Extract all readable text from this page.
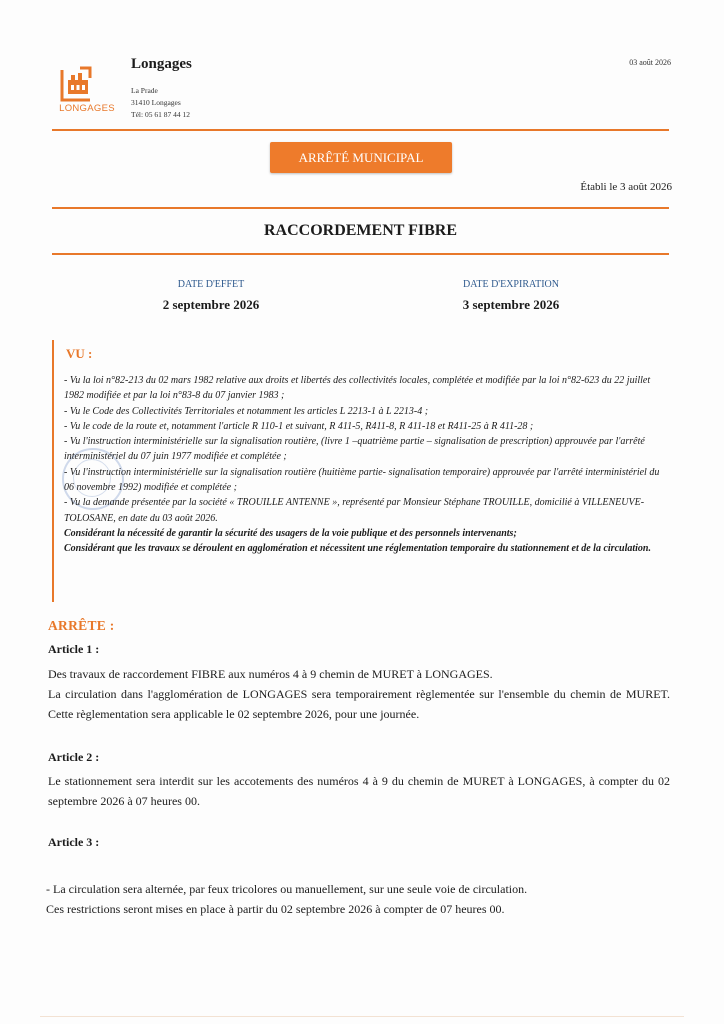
LONGAGES
Longages
La Prade
31410 Longages
Tél: 05 61 87 44 12
03 août 2026
ARRÊTÉ MUNICIPAL
Établi le 3 août 2026
RACCORDEMENT FIBRE
DATE D'EFFET
2 septembre 2026
DATE D'EXPIRATION
3 septembre 2026
VU :

- Vu la loi n°82-213 du 02 mars 1982 relative aux droits et libertés des collectivités locales, complétée et modifiée par la loi n°82-623 du 22 juillet 1982 modifiée et par la loi n°83-8 du 07 janvier 1983 ;

- Vu le Code des Collectivités Territoriales et notamment les articles L 2213-1 à L 2213-4 ;

- Vu le code de la route et, notamment l'article R 110-1 et suivant, R 411-5, R411-8, R 411-18 et R411-25 à R 411-28 ;

- Vu l'instruction interministérielle sur la signalisation routière, (livre 1 –quatrième partie – signalisation de prescription) approuvée par l'arrêté interministériel du 07 juin 1977 modifiée et complétée ;

- Vu l'instruction interministérielle sur la signalisation routière (huitième partie- signalisation temporaire) approuvée par l'arrêté interministériel du 06 novembre 1992) modifiée et complétée ;

- Vu la demande présentée par la société « TROUILLE ANTENNE », représenté par Monsieur Stéphane TROUILLE, domicilié à VILLENEUVE-TOLOSANE, en date du 03 août 2026.

Considérant la nécessité de garantir la sécurité des usagers de la voie publique et des personnels intervenants;

Considérant que les travaux se déroulent en agglomération et nécessitent une réglementation temporaire du stationnement et de la circulation.

ARRÊTE :
Article 1 :

Des travaux de raccordement FIBRE aux numéros 4 à 9 chemin de MURET à LONGAGES.

La circulation dans l'agglomération de LONGAGES sera temporairement règlementée sur l'ensemble du chemin de MURET. Cette règlementation sera applicable le 02 septembre 2026, pour une journée.

Article 2 :

Le stationnement sera interdit sur les accotements des numéros 4 à 9 du chemin de MURET à LONGAGES, à compter du 02 septembre 2026 à 07 heures 00.

Article 3 :

- La circulation sera alternée, par feux tricolores ou manuellement, sur une seule voie de circulation.

Ces restrictions seront mises en place à partir du 02 septembre 2026 à compter de 07 heures 00.
